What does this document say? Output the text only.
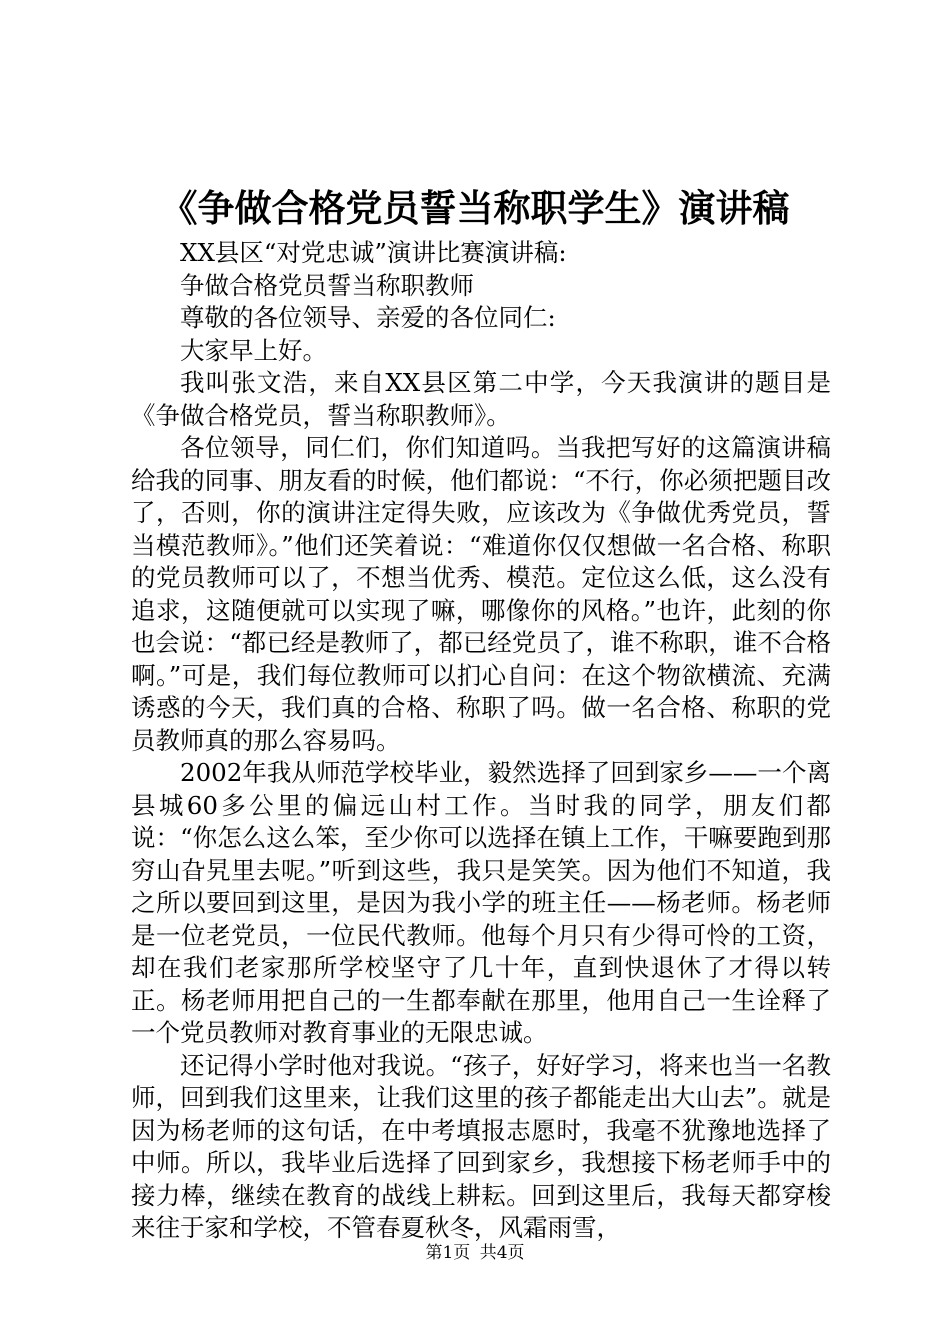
《争做合格党员誓当称职学生》演讲稿

XX县区“对党忠诚”演讲比赛演讲稿:

争做合格党员誓当称职教师

尊敬的各位领导、亲爱的各位同仁:

大家早上好。

我叫张文浩，来自XX县区第二中学，今天我演讲的题目是《争做合格党员，誓当称职教师》。

各位领导，同仁们，你们知道吗。当我把写好的这篇演讲稿给我的同事、朋友看的时候，他们都说：“不行，你必须把题目改了，否则，你的演讲注定得失败，应该改为《争做优秀党员，誓当模范教师》。”他们还笑着说：“难道你仅仅想做一名合格、称职的党员教师可以了，不想当优秀、模范。定位这么低，这么没有追求，这随便就可以实现了嘛，哪像你的风格。”也许，此刻的你也会说：“都已经是教师了，都已经党员了，谁不称职，谁不合格啊。”可是，我们每位教师可以扪心自问：在这个物欲横流、充满诱惑的今天，我们真的合格、称职了吗。做一名合格、称职的党员教师真的那么容易吗。

2002年我从师范学校毕业，毅然选择了回到家乡——一个离县城60多公里的偏远山村工作。当时我的同学，朋友们都说：“你怎么这么笨，至少你可以选择在镇上工作，干嘛要跑到那穷山旮旯里去呢。”听到这些，我只是笑笑。因为他们不知道，我之所以要回到这里，是因为我小学的班主任——杨老师。杨老师是一位老党员，一位民代教师。他每个月只有少得可怜的工资，却在我们老家那所学校坚守了几十年，直到快退休了才得以转正。杨老师用把自己的一生都奉献在那里，他用自己一生诠释了一个党员教师对教育事业的无限忠诚。

还记得小学时他对我说。“孩子，好好学习，将来也当一名教师，回到我们这里来，让我们这里的孩子都能走出大山去”。就是因为杨老师的这句话，在中考填报志愿时，我毫不犹豫地选择了中师。所以，我毕业后选择了回到家乡，我想接下杨老师手中的接力棒，继续在教育的战线上耕耘。回到这里后，我每天都穿梭来往于家和学校，不管春夏秋冬，风霜雨雪，

第1页 共4页
